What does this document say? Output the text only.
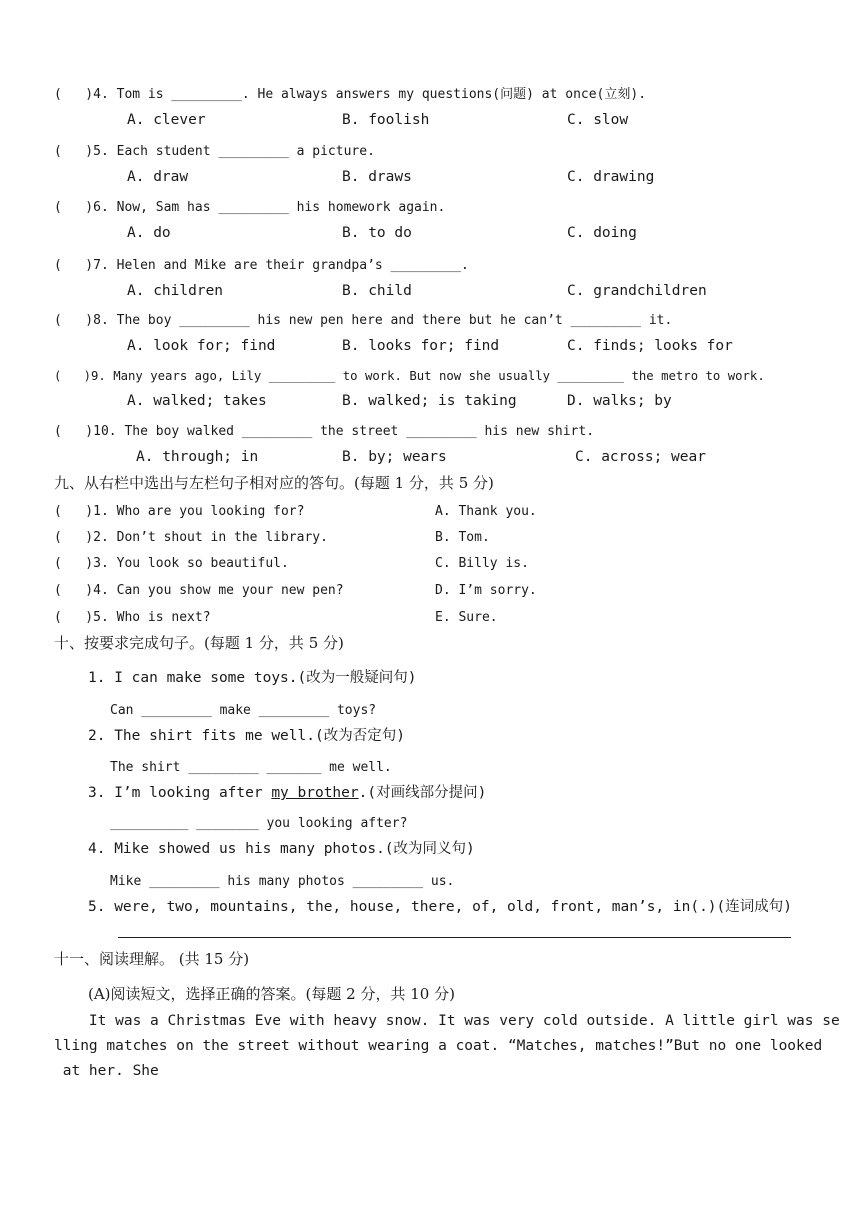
(   )4. Tom is _________. He always answers my questions(问题) at once(立刻).
A. clever	B. foolish	C. slow
(   )5. Each student _________ a picture.
A. draw	B. draws	C. drawing
(   )6. Now, Sam has _________ his homework again.
A. do	B. to do	C. doing
(   )7. Helen and Mike are their grandpa’s _________.
A. children	B. child	C. grandchildren
(   )8. The boy _________ his new pen here and there but he can’t _________ it.
A. look for; find	B. looks for; find	C. finds; looks for
(   )9. Many years ago, Lily _________ to work. But now she usually _________ the metro to work.
A. walked; takes	B. walked; is taking	D. walks; by
(   )10. The boy walked _________ the street _________ his new shirt.
A. through; in	B. by; wears	C. across; wear
九、从右栏中选出与左栏句子相对应的答句。(每题 1 分，共 5 分)
(   )1. Who are you looking for?	A. Thank you.
(   )2. Don’t shout in the library.	B. Tom.
(   )3. You look so beautiful.	C. Billy is.
(   )4. Can you show me your new pen?	D. I’m sorry.
(   )5. Who is next?	E. Sure.
十、按要求完成句子。(每题 1 分，共 5 分)
1. I can make some toys.(改为一般疑问句)
Can _________ make _________ toys?
2. The shirt fits me well.(改为否定句)
The shirt _________ _______ me well.
3. I’m looking after my brother.(对画线部分提问)
__________ ________ you looking after?
4. Mike showed us his many photos.(改为同义句)
Mike _________ his many photos _________ us.
5. were, two, mountains, the, house, there, of, old, front, man’s, in(.)(连词成句)
十一、阅读理解。 (共 15 分)
(A)阅读短文，选择正确的答案。(每题 2 分，共 10 分)
It was a Christmas Eve with heavy snow. It was very cold outside. A little girl was se
lling matches on the street without wearing a coat. “Matches, matches!”But no one looked
at her. She
